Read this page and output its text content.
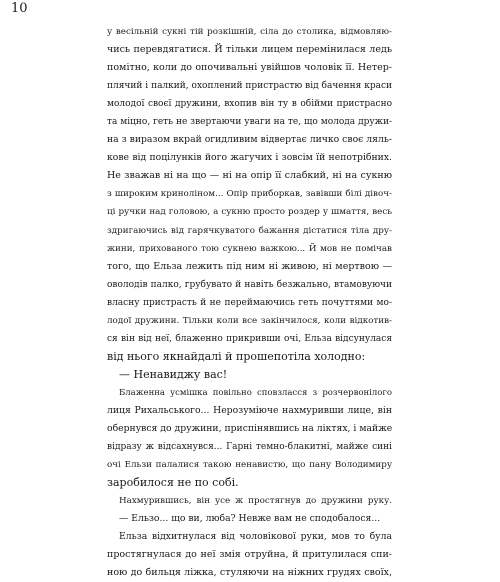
10
у весільній сукні тій розкішній, сіла до столика, відмовляю-
чись перевдягатися. Й тільки лицем перемінилася ледь
помітно, коли до опочивальні увійшов чоловік її. Нетер-
плячий і палкий, охоплений пристрастю від бачення краси
молодої своєї дружини, вхопив він ту в обійми пристрасно
та міцно, геть не звертаючи уваги на те, що молода дружи-
на з виразом вкрай огидливим відвертає личко своє ляль-
кове від поцілунків його жагучих і зовсім їй непотрібних.
Не зважав ні на що — ні на опір її слабкий, ні на сукню
з широким криноліном... Опір приборкав, завівши білі дівоч-
ці ручки над головою, а сукню просто роздер у шмаття, весь
здригаючись від гарячкуватого бажання дістатися тіла дру-
жини, прихованого тою сукнею важкою... Й мов не помічав
того, що Ельза лежить під ним ні живою, ні мертвою —
оволодів палко, грубувато й навіть безжально, втамовуючи
власну пристрасть й не переймаючись геть почуттями мо-
лодої дружини. Тільки коли все закінчилося, коли відкотив-
ся він від неї, блаженно прикривши очі, Ельза відсунулася
від нього якнайдалі й прошепотіла холодно:
— Ненавиджу вас!
Блаженна усмішка повільно сповзласся з розчервонілого
лиця Рихальського... Нерозуміюче нахмуривши лице, він
обернувся до дружини, приспінявшись на ліктях, і майже
відразу ж відсахнувся... Гарні темно-блакитні, майже сині
очі Ельзи палалися такою ненавистю, що пану Володимиру
заробилося не по собі.
Нахмурившись, він усе ж простягнув до дружини руку.
— Ельзо... що ви, люба? Невже вам не сподобалося...
Ельза відхитнулася від чоловікової руки, мов то була
простягнулася до неї змія отруйна, й притулилася спи-
ною до бильця ліжка, стуляючи на ніжних грудях своїх,
